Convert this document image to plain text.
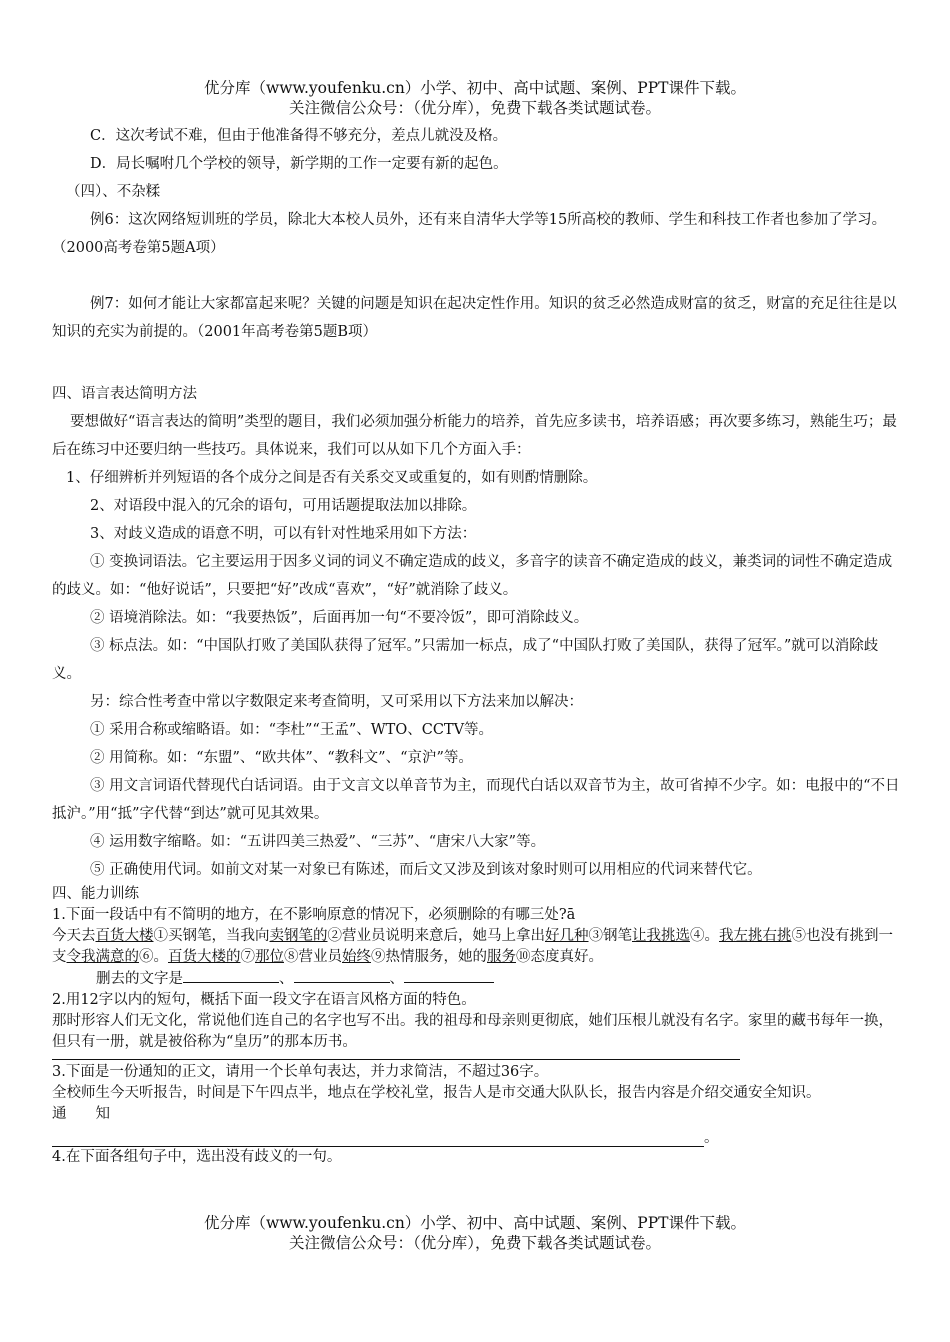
优分库（www.youfenku.cn）小学、初中、高中试题、案例、PPT课件下载。
关注微信公众号：（优分库），免费下载各类试题试卷。

C．这次考试不难，但由于他准备得不够充分，差点儿就没及格。

D．局长嘱咐几个学校的领导，新学期的工作一定要有新的起色。

（四）、不杂糅

例6：这次网络短训班的学员，除北大本校人员外，还有来自清华大学等15所高校的教师、学生和科技工作者也参加了学习。（2000高考卷第5题A项）

例7：如何才能让大家都富起来呢？关键的问题是知识在起决定性作用。知识的贫乏必然造成财富的贫乏，财富的充足往往是以知识的充实为前提的。（2001年高考卷第5题B项）

四、语言表达简明方法

要想做好“语言表达的简明”类型的题目，我们必须加强分析能力的培养，首先应多读书，培养语感；再次要多练习，熟能生巧；最后在练习中还要归纳一些技巧。具体说来，我们可以从如下几个方面入手：

1、仔细辨析并列短语的各个成分之间是否有关系交叉或重复的，如有则酌情删除。

2、对语段中混入的冗余的语句，可用话题提取法加以排除。

3、对歧义造成的语意不明，可以有针对性地采用如下方法：

① 变换词语法。它主要运用于因多义词的词义不确定造成的歧义，多音字的读音不确定造成的歧义，兼类词的词性不确定造成的歧义。如：“他好说话”，只要把“好”改成“喜欢”，“好”就消除了歧义。

② 语境消除法。如：“我要热饭”，后面再加一句“不要冷饭”，即可消除歧义。

③ 标点法。如：“中国队打败了美国队获得了冠军。”只需加一标点，成了“中国队打败了美国队，获得了冠军。”就可以消除歧义。

另：综合性考查中常以字数限定来考查简明，又可采用以下方法来加以解决：

① 采用合称或缩略语。如：“李杜”“王孟”、WTO、CCTV等。

② 用简称。如：“东盟”、“欧共体”、“教科文”、“京沪”等。

③ 用文言词语代替现代白话词语。由于文言文以单音节为主，而现代白话以双音节为主，故可省掉不少字。如：电报中的“不日抵沪。”用“抵”字代替“到达”就可见其效果。

④ 运用数字缩略。如：“五讲四美三热爱”、“三苏”、“唐宋八大家”等。

⑤ 正确使用代词。如前文对某一对象已有陈述，而后文又涉及到该对象时则可以用相应的代词来替代它。

四、能力训练

1.下面一段话中有不简明的地方，在不影响原意的情况下，必须删除的有哪三处?ā

今天去百货大楼①买钢笔，当我向卖钢笔的②营业员说明来意后，她马上拿出好几种③钢笔让我挑选④。我左挑右挑⑤也没有挑到一支令我满意的⑥。百货大楼的⑦那位⑧营业员始终⑨热情服务，她的服务⑩态度真好。

删去的文字是	、	、

2.用12字以内的短句，概括下面一段文字在语言风格方面的特色。

那时形容人们无文化，常说他们连自己的名字也写不出。我的祖母和母亲则更彻底，她们压根儿就没有名字。家里的藏书每年一换，但只有一册，就是被俗称为“皇历”的那本历书。

3.下面是一份通知的正文，请用一个长单句表达，并力求简洁，不超过36字。

全校师生今天听报告，时间是下午四点半，地点在学校礼堂，报告人是市交通大队队长，报告内容是介绍交通安全知识。

通　　知

。

4.在下面各组句子中，选出没有歧义的一句。

优分库（www.youfenku.cn）小学、初中、高中试题、案例、PPT课件下载。
关注微信公众号：（优分库），免费下载各类试题试卷。
